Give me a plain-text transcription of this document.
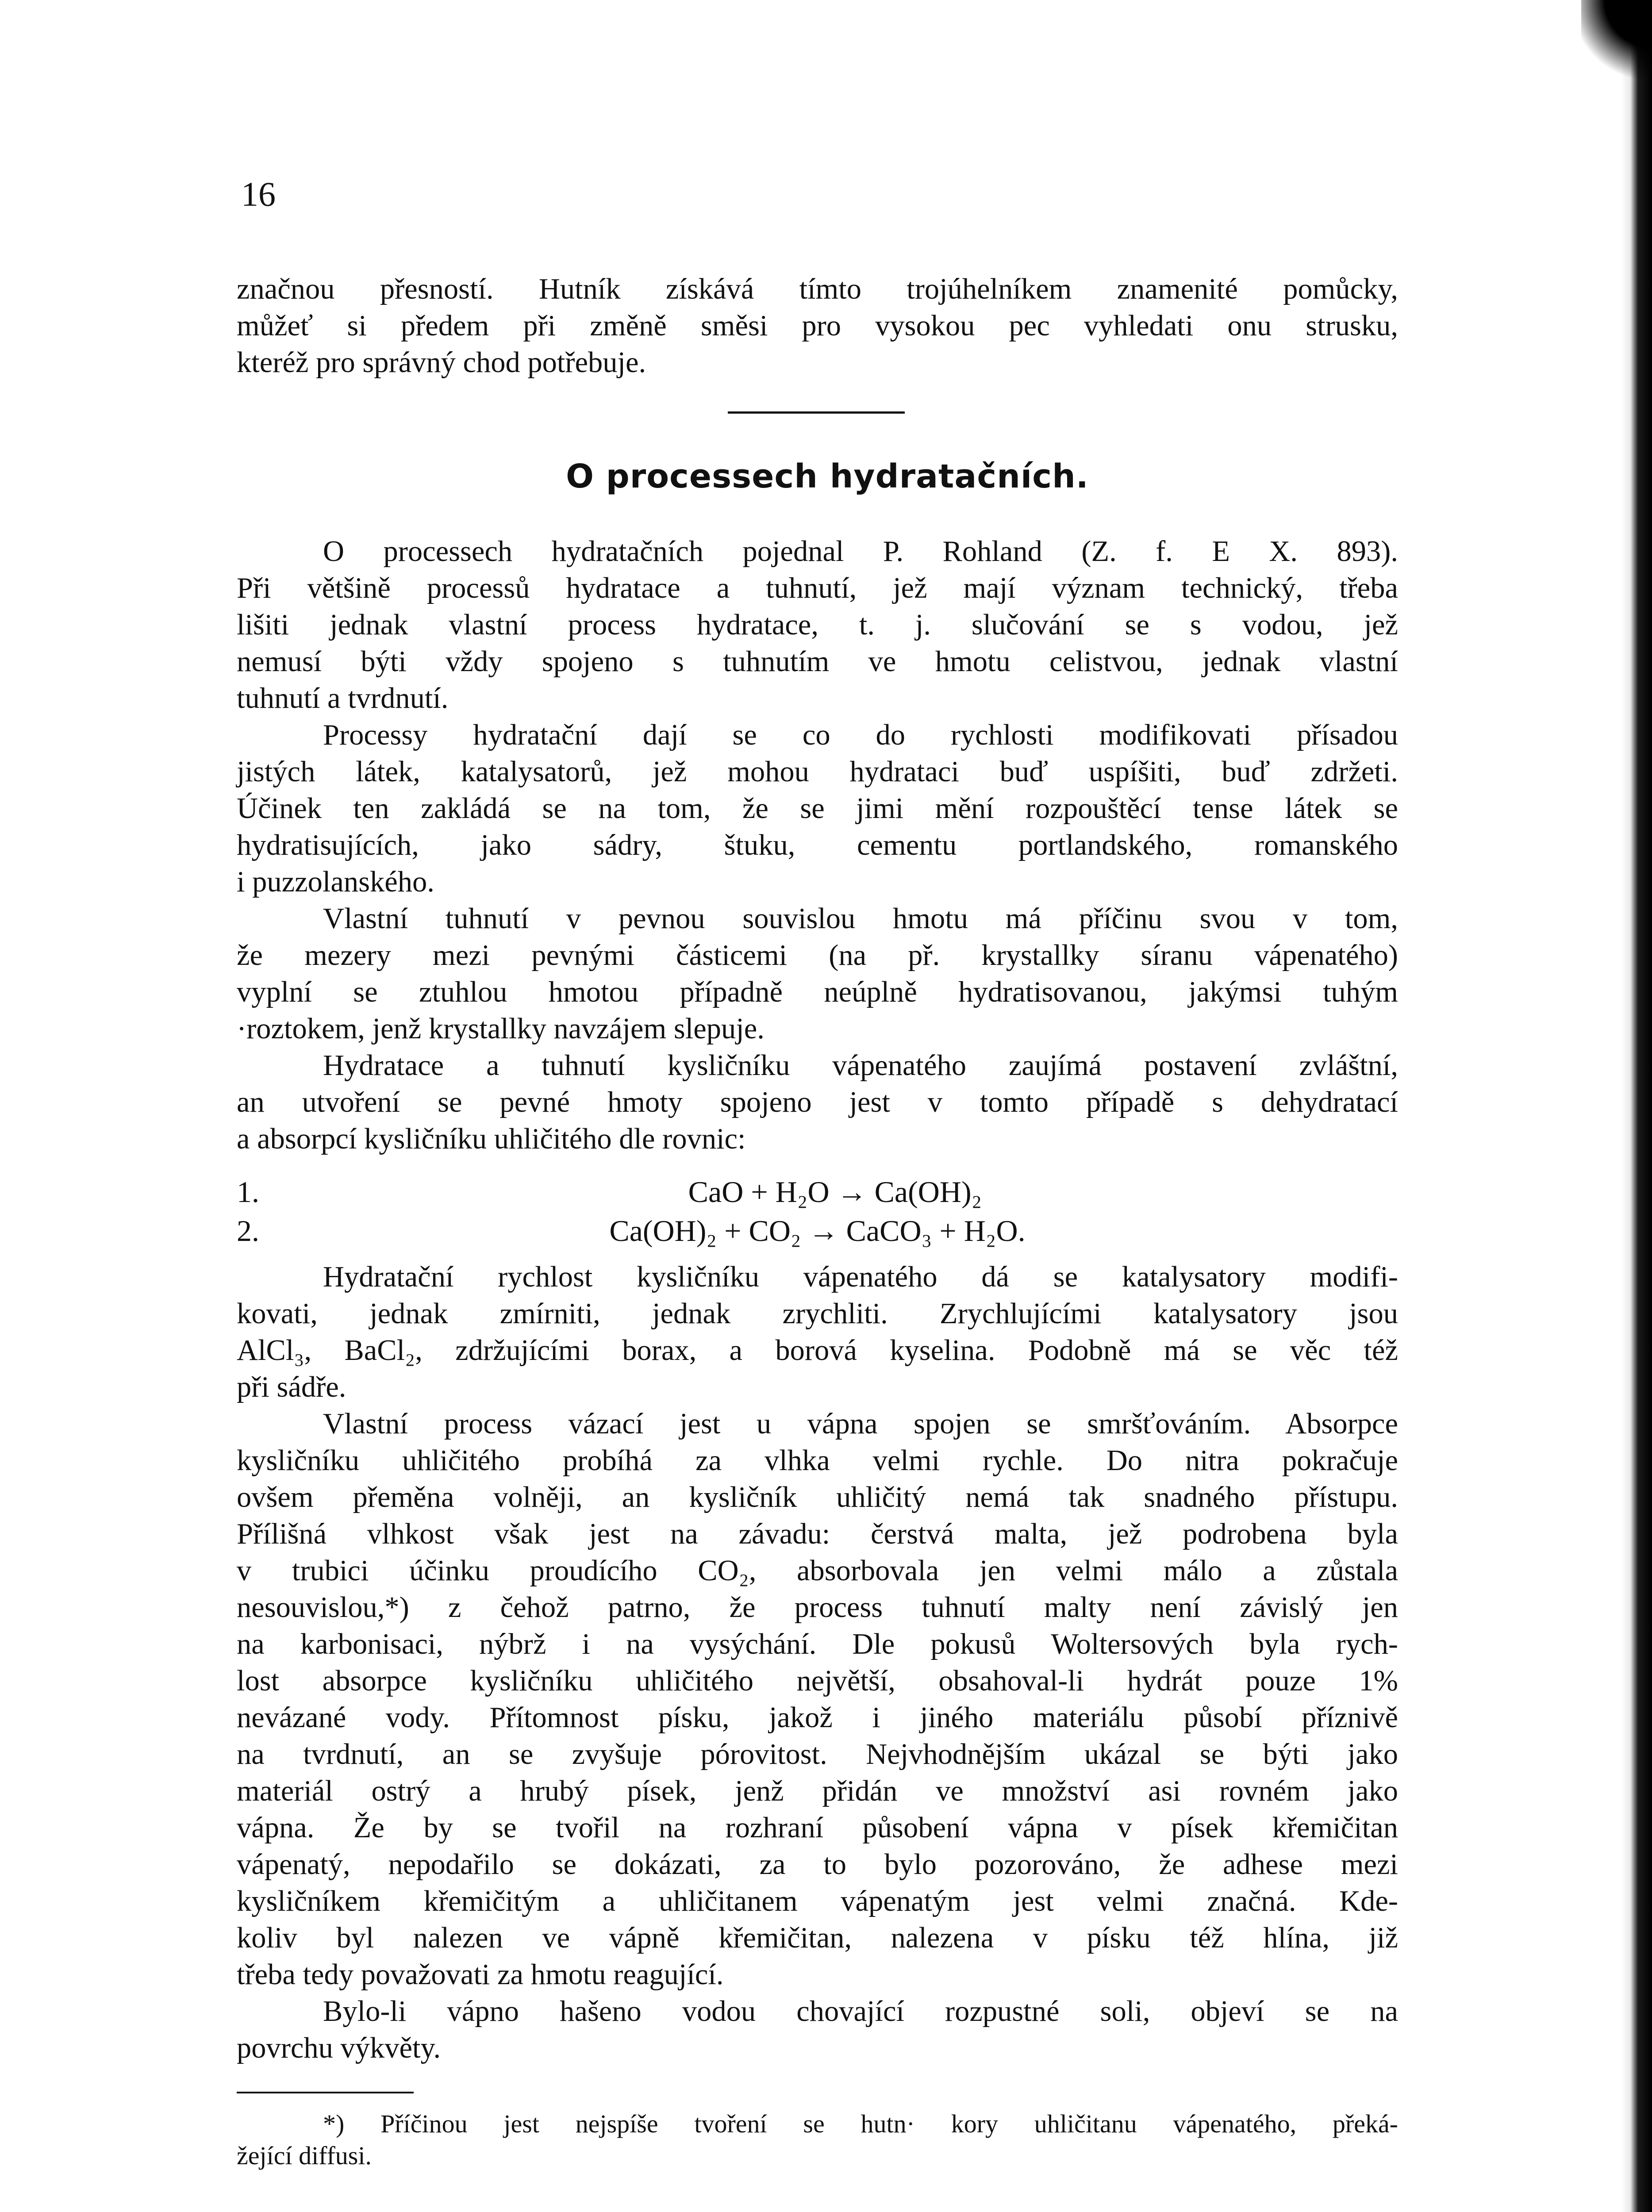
16
značnou přesností. Hutník získává tímto trojúhelníkem znamenité pomůcky,
můžeť si předem při změně směsi pro vysokou pec vyhledati onu strusku,
kteréž pro správný chod potřebuje.
O processech hydratačních.
O processech hydratačních pojednal P. Rohland (Z. f. E X. 893).
Při většině processů hydratace a tuhnutí, jež mají význam technický, třeba
lišiti jednak vlastní process hydratace, t. j. slučování se s vodou, jež
nemusí býti vždy spojeno s tuhnutím ve hmotu celistvou, jednak vlastní
tuhnutí a tvrdnutí.
Processy hydratační dají se co do rychlosti modifikovati přísadou
jistých látek, katalysatorů, jež mohou hydrataci buď uspíšiti, buď zdržeti.
Účinek ten zakládá se na tom, že se jimi mění rozpouštěcí tense látek se
hydratisujících, jako sádry, štuku, cementu portlandského, romanského
i puzzolanského.
Vlastní tuhnutí v pevnou souvislou hmotu má příčinu svou v tom,
že mezery mezi pevnými částicemi (na př. krystallky síranu vápenatého)
vyplní se ztuhlou hmotou případně neúplně hydratisovanou, jakýmsi tuhým
·roztokem, jenž krystallky navzájem slepuje.
Hydratace a tuhnutí kysličníku vápenatého zaujímá postavení zvláštní,
an utvoření se pevné hmoty spojeno jest v tomto případě s dehydratací
a absorpcí kysličníku uhličitého dle rovnic:
1.	CaO + H₂O → Ca(OH)₂
2.	Ca(OH)₂ + CO₂ → CaCO₃ + H₂O.
Hydratační rychlost kysličníku vápenatého dá se katalysatory modifi-
kovati, jednak zmírniti, jednak zrychliti. Zrychlujícími katalysatory jsou
AlCl₃, BaCl₂, zdržujícími borax, a borová kyselina. Podobně má se věc též
při sádře.
Vlastní process vázací jest u vápna spojen se smršťováním. Absorpce
kysličníku uhličitého probíhá za vlhka velmi rychle. Do nitra pokračuje
ovšem přeměna volněji, an kysličník uhličitý nemá tak snadného přístupu.
Přílišná vlhkost však jest na závadu: čerstvá malta, jež podrobena byla
v trubici účinku proudícího CO₂, absorbovala jen velmi málo a zůstala
nesouvislou,*) z čehož patrno, že process tuhnutí malty není závislý jen
na karbonisaci, nýbrž i na vysýchání. Dle pokusů Woltersových byla rych-
lost absorpce kysličníku uhličitého největší, obsahoval-li hydrát pouze 1%
nevázané vody. Přítomnost písku, jakož i jiného materiálu působí příznivě
na tvrdnutí, an se zvyšuje pórovitost. Nejvhodnějším ukázal se býti jako
materiál ostrý a hrubý písek, jenž přidán ve množství asi rovném jako
vápna. Že by se tvořil na rozhraní působení vápna v písek křemičitan
vápenatý, nepodařilo se dokázati, za to bylo pozorováno, že adhese mezi
kysličníkem křemičitým a uhličitanem vápenatým jest velmi značná. Kde-
koliv byl nalezen ve vápně křemičitan, nalezena v písku též hlína, již
třeba tedy považovati za hmotu reagující.
Bylo-li vápno hašeno vodou chovající rozpustné soli, objeví se na
povrchu výkvěty.
*) Příčinou jest nejspíše tvoření se hutn· kory uhličitanu vápenatého, překá-
žející diffusi.
